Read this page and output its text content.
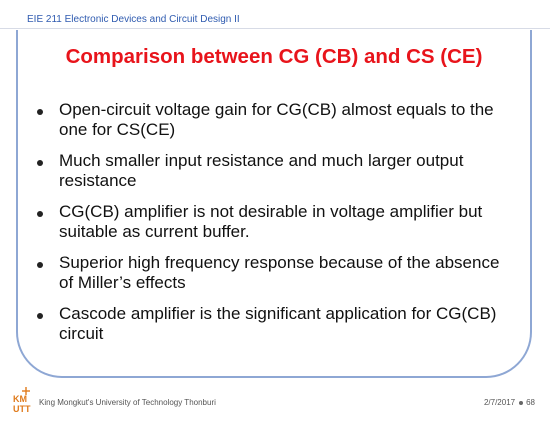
EIE 211 Electronic Devices and Circuit Design II
Comparison between CG (CB) and CS (CE)
Open-circuit voltage gain for CG(CB) almost equals to the one for CS(CE)
Much smaller input resistance and much larger output resistance
CG(CB) amplifier is not desirable in voltage amplifier but suitable as current buffer.
Superior high frequency response because of the absence of Miller’s effects
Cascode amplifier is the significant application for CG(CB) circuit
KM
UTT
King Mongkut's University of Technology Thonburi	2/7/2017 68
